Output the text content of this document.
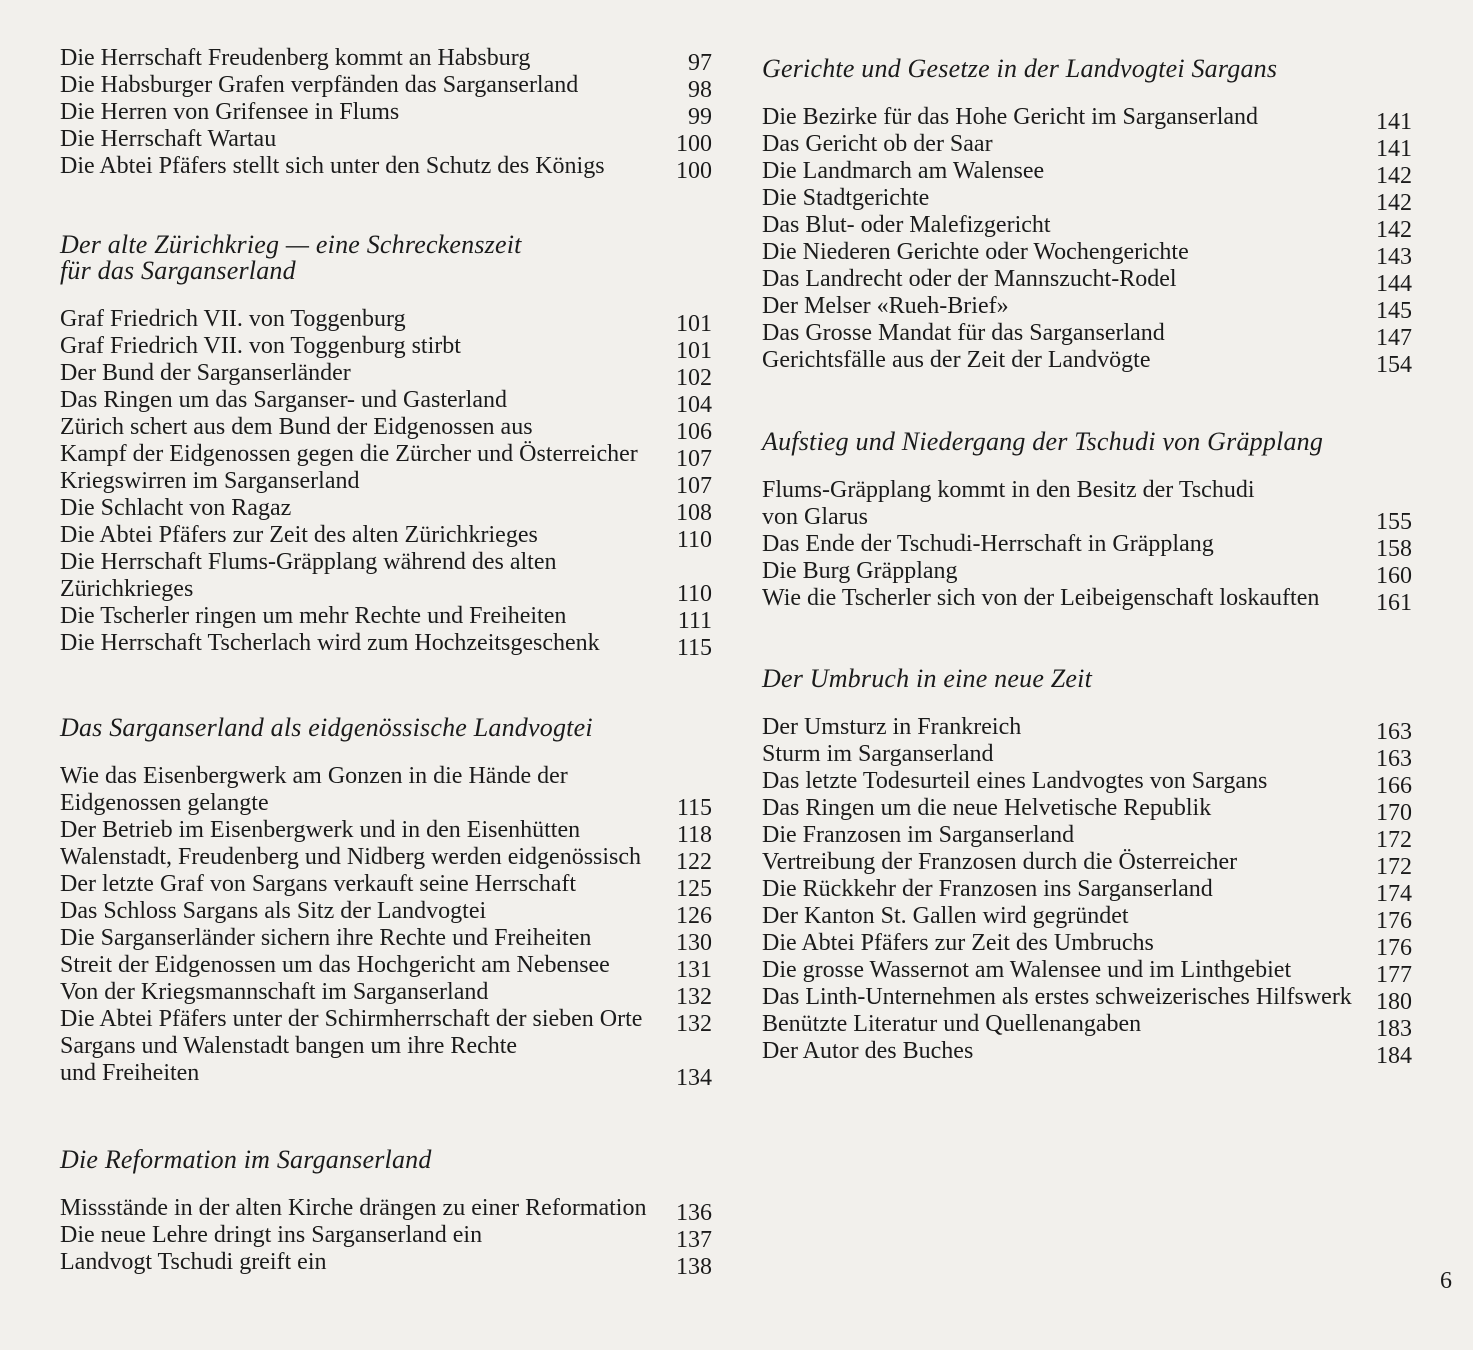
Die Herrschaft Freudenberg kommt an Habsburg	97
Die Habsburger Grafen verpfänden das Sarganserland	98
Die Herren von Grifensee in Flums	99
Die Herrschaft Wartau	100
Die Abtei Pfäfers stellt sich unter den Schutz des Königs	100
Der alte Zürichkrieg — eine Schreckenszeit
für das Sarganserland
Graf Friedrich VII. von Toggenburg	101
Graf Friedrich VII. von Toggenburg stirbt	101
Der Bund der Sarganserländer	102
Das Ringen um das Sarganser- und Gasterland	104
Zürich schert aus dem Bund der Eidgenossen aus	106
Kampf der Eidgenossen gegen die Zürcher und Österreicher	107
Kriegswirren im Sarganserland	107
Die Schlacht von Ragaz	108
Die Abtei Pfäfers zur Zeit des alten Zürichkrieges	110
Die Herrschaft Flums-Gräpplang während des alten
Zürichkrieges	110
Die Tscherler ringen um mehr Rechte und Freiheiten	111
Die Herrschaft Tscherlach wird zum Hochzeitsgeschenk	115
Das Sarganserland als eidgenössische Landvogtei
Wie das Eisenbergwerk am Gonzen in die Hände der
Eidgenossen gelangte	115
Der Betrieb im Eisenbergwerk und in den Eisenhütten	118
Walenstadt, Freudenberg und Nidberg werden eidgenössisch	122
Der letzte Graf von Sargans verkauft seine Herrschaft	125
Das Schloss Sargans als Sitz der Landvogtei	126
Die Sarganserländer sichern ihre Rechte und Freiheiten	130
Streit der Eidgenossen um das Hochgericht am Nebensee	131
Von der Kriegsmannschaft im Sarganserland	132
Die Abtei Pfäfers unter der Schirmherrschaft der sieben Orte	132
Sargans und Walenstadt bangen um ihre Rechte
und Freiheiten	134
Die Reformation im Sarganserland
Missstände in der alten Kirche drängen zu einer Reformation	136
Die neue Lehre dringt ins Sarganserland ein	137
Landvogt Tschudi greift ein	138
Gerichte und Gesetze in der Landvogtei Sargans
Die Bezirke für das Hohe Gericht im Sarganserland	141
Das Gericht ob der Saar	141
Die Landmarch am Walensee	142
Die Stadtgerichte	142
Das Blut- oder Malefizgericht	142
Die Niederen Gerichte oder Wochengerichte	143
Das Landrecht oder der Mannszucht-Rodel	144
Der Melser «Rueh-Brief»	145
Das Grosse Mandat für das Sarganserland	147
Gerichtsfälle aus der Zeit der Landvögte	154
Aufstieg und Niedergang der Tschudi von Gräpplang
Flums-Gräpplang kommt in den Besitz der Tschudi
von Glarus	155
Das Ende der Tschudi-Herrschaft in Gräpplang	158
Die Burg Gräpplang	160
Wie die Tscherler sich von der Leibeigenschaft loskauften	161
Der Umbruch in eine neue Zeit
Der Umsturz in Frankreich	163
Sturm im Sarganserland	163
Das letzte Todesurteil eines Landvogtes von Sargans	166
Das Ringen um die neue Helvetische Republik	170
Die Franzosen im Sarganserland	172
Vertreibung der Franzosen durch die Österreicher	172
Die Rückkehr der Franzosen ins Sarganserland	174
Der Kanton St. Gallen wird gegründet	176
Die Abtei Pfäfers zur Zeit des Umbruchs	176
Die grosse Wassernot am Walensee und im Linthgebiet	177
Das Linth-Unternehmen als erstes schweizerisches Hilfswerk	180
Benützte Literatur und Quellenangaben	183
Der Autor des Buches	184
6
